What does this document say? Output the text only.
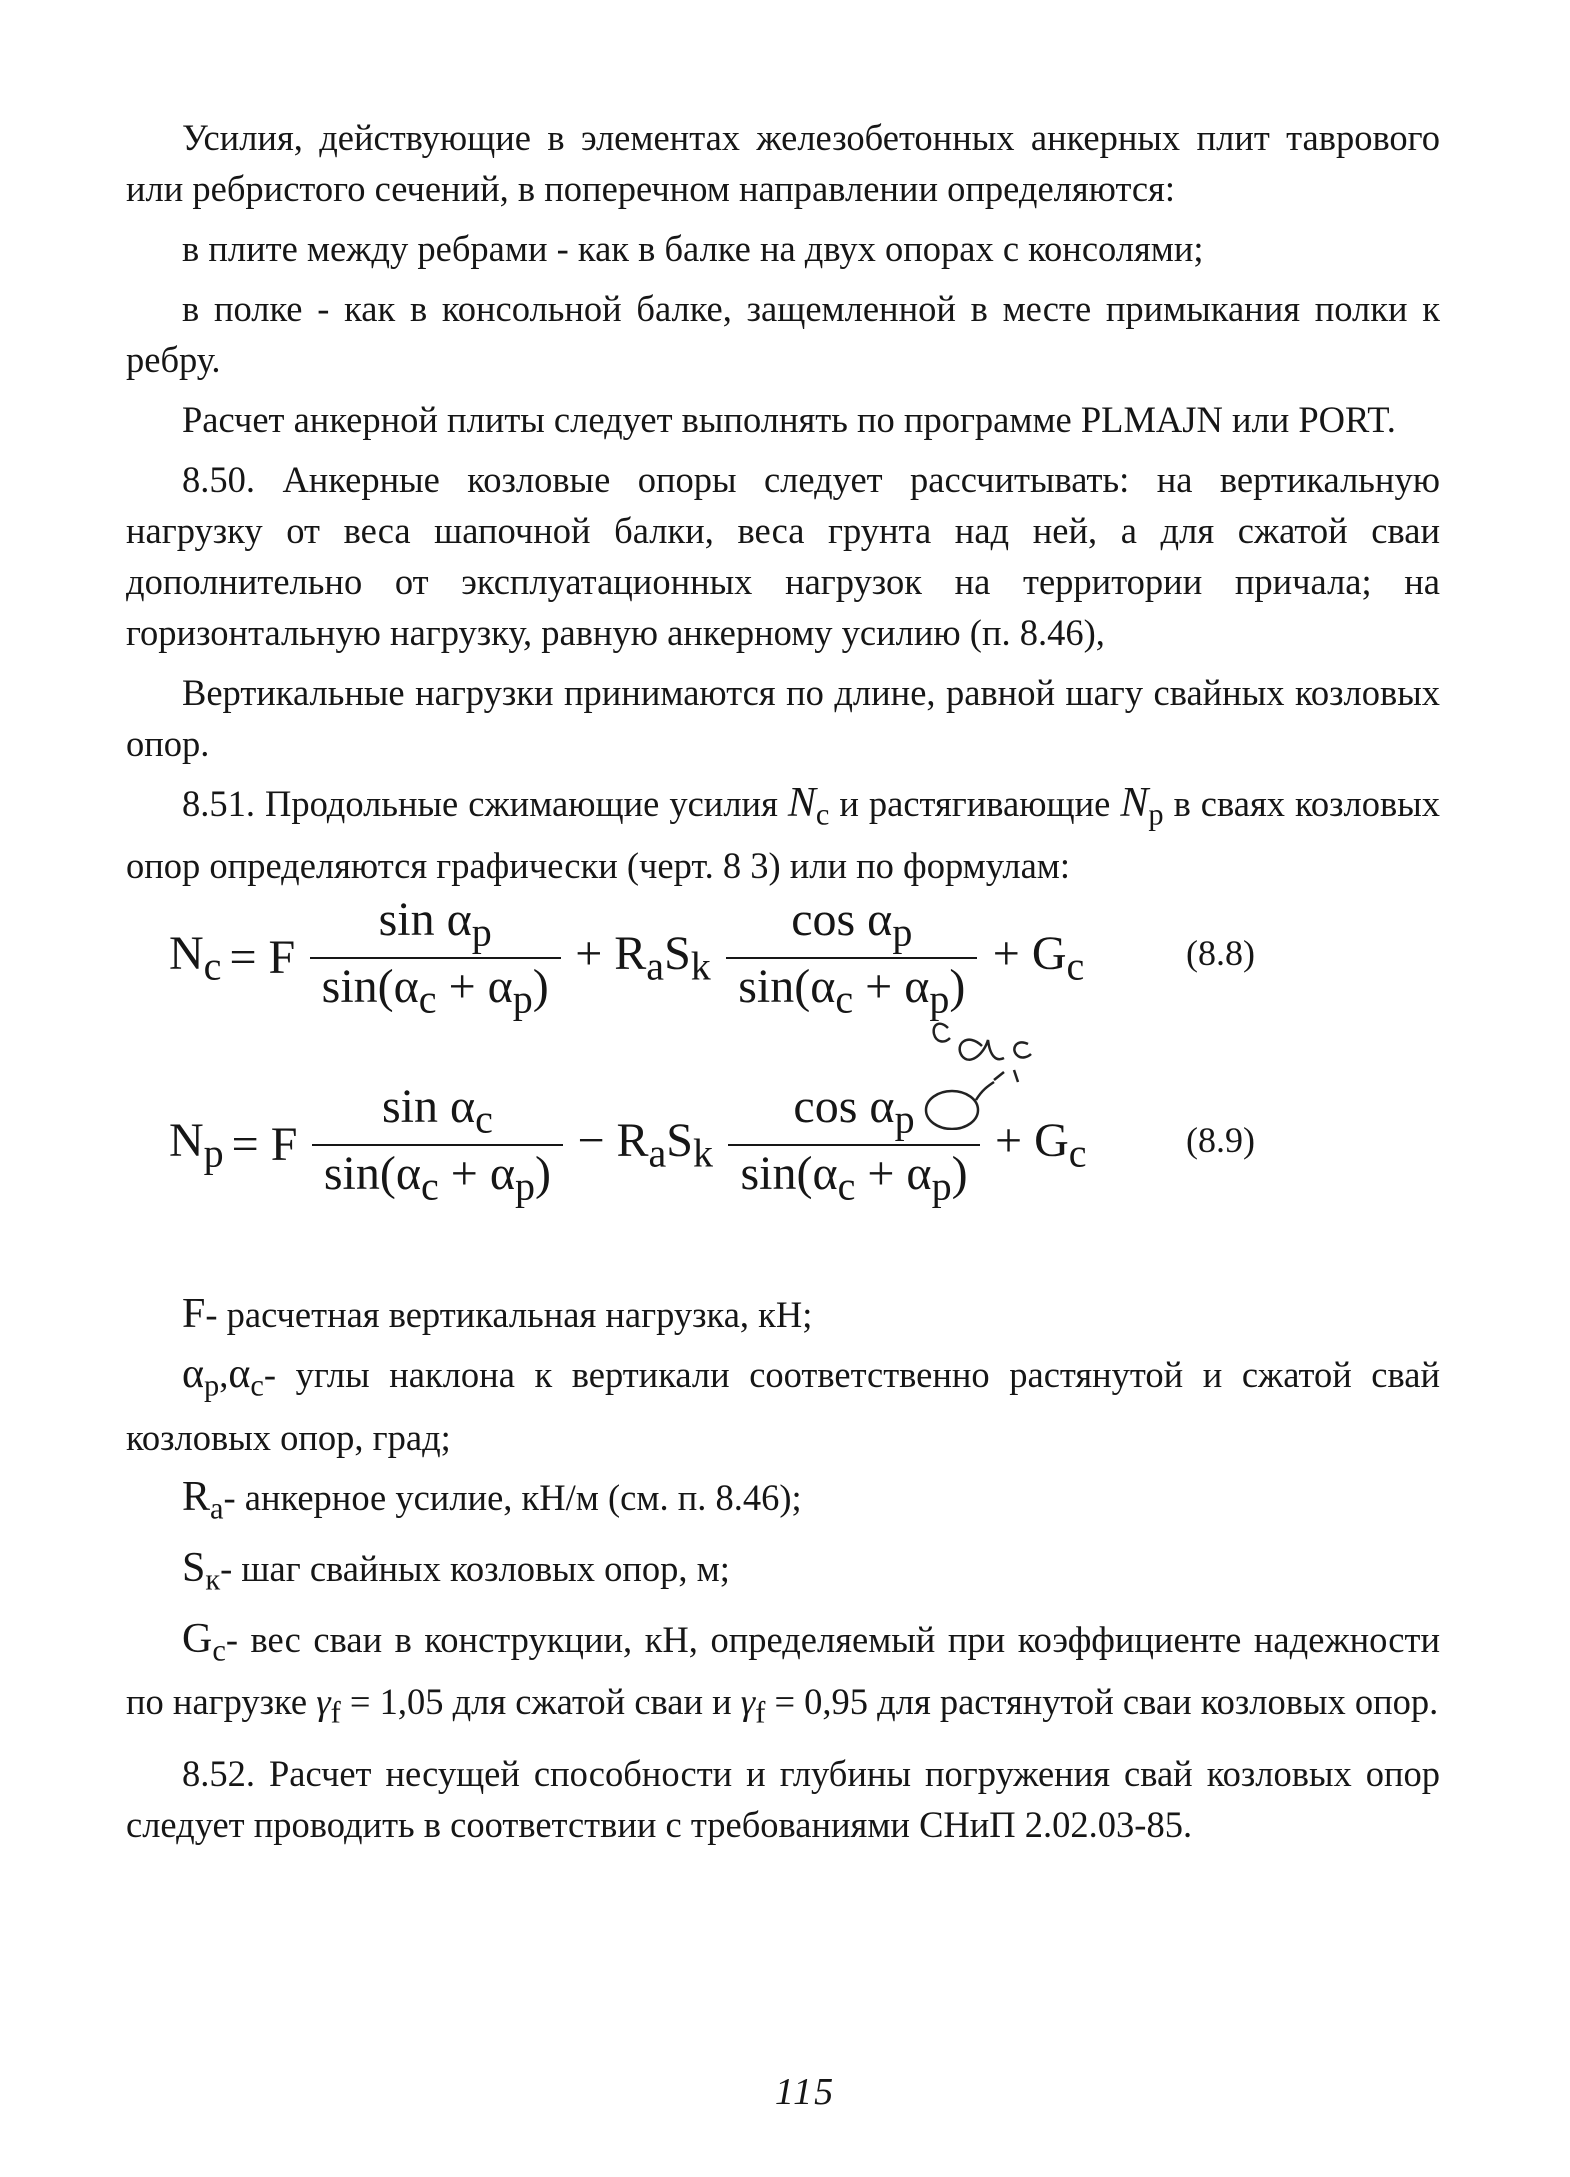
Усилия, действующие в элементах железобетонных анкерных плит таврового или ребристого сечений, в поперечном направлении определяются:

в плите между ребрами - как в балке на двух опорах с консолями;

в полке - как в консольной балке, защемленной в месте примыкания полки к ребру.

Расчет анкерной плиты следует выполнять по программе PLMAJN или PORT.

8.50. Анкерные козловые опоры следует рассчитывать: на вертикальную нагрузку от веса шапочной балки, веса грунта над ней, а для сжатой сваи дополнительно от эксплуатационных нагрузок на территории причала; на горизонтальную нагрузку, равную анкерному усилию (п. 8.46),

Вертикальные нагрузки принимаются по длине, равной шагу свайных козловых опор.

8.51. Продольные сжимающие усилия $N_c$ и растягивающие $N_p$ в сваях козловых опор определяются графически (черт. 8 3) или по формулам:

F- расчетная вертикальная нагрузка, кН;

$\alpha_p,\alpha_c-$ углы наклона к вертикали соответственно растянутой и сжатой свай козловых опор, град;

$R_a-$ анкерное усилие, кН/м (см. п. 8.46);

$S_к-$ шаг свайных козловых опор, м;

$G_c-$ вес сваи в конструкции, кН, определяемый при коэффициенте надежности по нагрузке $\gamma_f = 1,05$ для сжатой сваи и $\gamma_f = 0,95$ для растянутой сваи козловых опор.

8.52. Расчет несущей способности и глубины погружения свай козловых опор следует проводить в соответствии с требованиями СНиП 2.02.03-85.

$N_c = F \frac{\sin \alpha_p}{\sin(\alpha_c + \alpha_p)} + R_aS_k \frac{\cos \alpha_p}{\sin(\alpha_c + \alpha_p)} + G_c$	(8.8)
$N_p = F \frac{\sin \alpha_c}{\sin(\alpha_c + \alpha_p)} - R_aS_k \frac{\cos \alpha_p}{\sin(\alpha_c + \alpha_p)} + G_c$	(8.9)
115
